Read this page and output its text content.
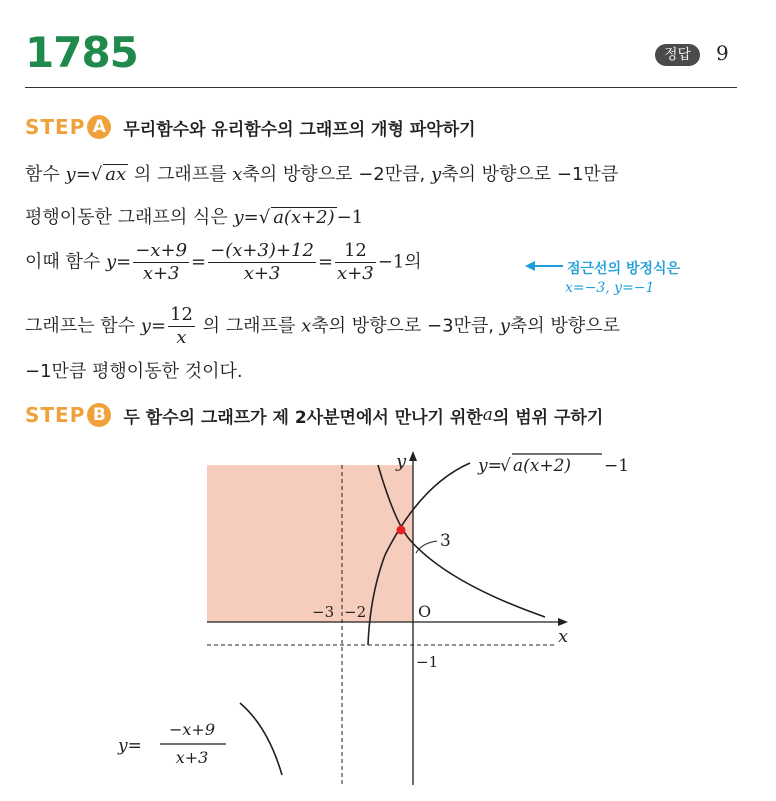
1785	정답	9
STEP A	무리함수와 유리함수의 그래프의 개형 파악하기
함수 y=√ ax 의 그래프를 x축의 방향으로 −2만큼, y축의 방향으로 −1만큼
평행이동한 그래프의 식은 y=√ a(x+2) −1
이때 함수 $y= \frac{-x+9}{x+3} = \frac{-(x+3)+12}{x+3} = \frac{12}{x+3} -1$의	점근선의 방정식은
x=−3, y=−1
그래프는 함수 $y= \frac{12}{x}$ 의 그래프를 x축의 방향으로 −3만큼, y축의 방향으로
−1만큼 평행이동한 것이다.
STEP B	두 함수의 그래프가 제 2사분면에서 만나기 위한 a 의 범위 구하기
3
y
x
O
−3 −2
−1
y=
√ a(x+2) −1
y=
−x+9
x+3
